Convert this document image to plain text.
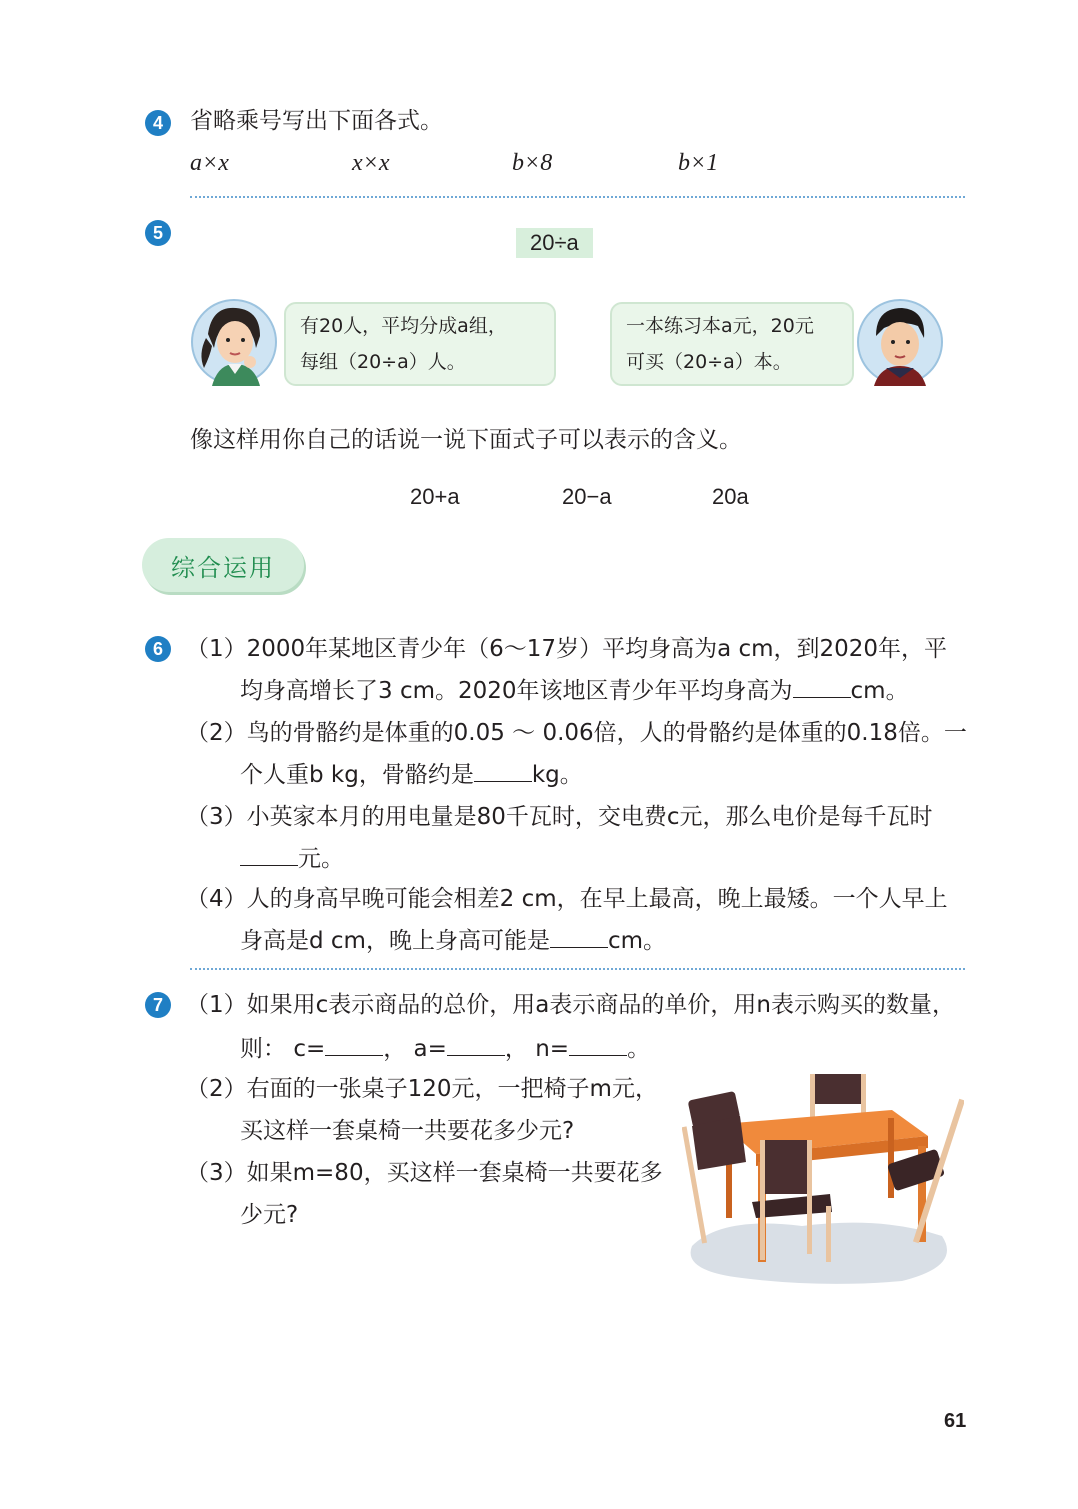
4	省略乘号写出下面各式。
a×x	x×x	b×8	b×1
5	20÷a
有20人，平均分成a组，
每组（20÷a）人。
一本练习本a元，20元
可买（20÷a）本。
像这样用你自己的话说一说下面式子可以表示的含义。
20+a	20−a	20a
综合运用
6	（1）2000年某地区青少年（6～17岁）平均身高为a cm，到2020年，平
均身高增长了3 cm。2020年该地区青少年平均身高为	cm。
（2）鸟的骨骼约是体重的0.05 ～ 0.06倍，人的骨骼约是体重的0.18倍。一
个人重b kg，骨骼约是	kg。
（3）小英家本月的用电量是80千瓦时，交电费c元，那么电价是每千瓦时
元。
（4）人的身高早晚可能会相差2 cm，在早上最高，晚上最矮。一个人早上
身高是d cm，晚上身高可能是	cm。
7	（1）如果用c表示商品的总价，用a表示商品的单价，用n表示购买的数量，
则： c=	， a=	， n=	。
（2）右面的一张桌子120元，一把椅子m元，
买这样一套桌椅一共要花多少元?
（3）如果m=80，买这样一套桌椅一共要花多
少元?
61
